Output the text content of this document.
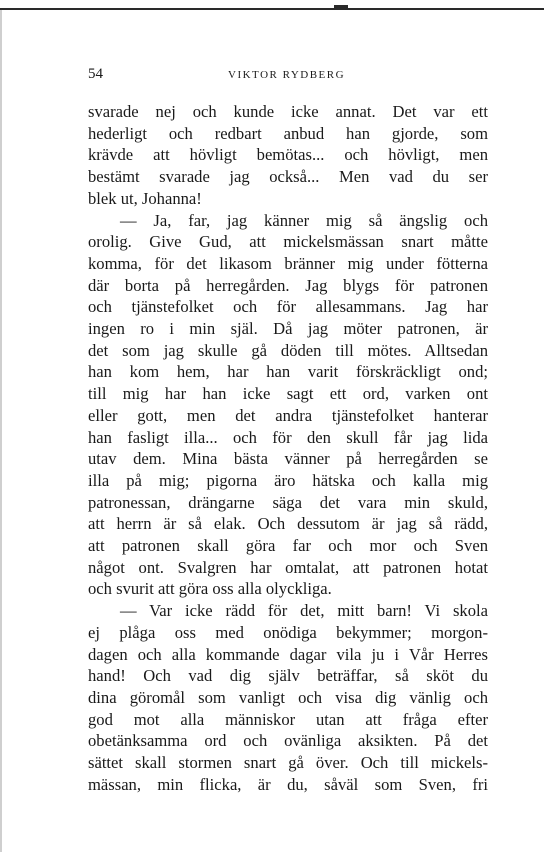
54	VIKTOR RYDBERG
svarade nej och kunde icke annat. Det var ett
hederligt och redbart anbud han gjorde, som
krävde att hövligt bemötas... och hövligt, men
bestämt svarade jag också... Men vad du ser
blek ut, Johanna!
— Ja, far, jag känner mig så ängslig och
orolig. Give Gud, att mickelsmässan snart måtte
komma, för det likasom bränner mig under fötterna
där borta på herregården. Jag blygs för patronen
och tjänstefolket och för allesammans. Jag har
ingen ro i min själ. Då jag möter patronen, är
det som jag skulle gå döden till mötes. Alltsedan
han kom hem, har han varit förskräckligt ond;
till mig har han icke sagt ett ord, varken ont
eller gott, men det andra tjänstefolket hanterar
han fasligt illa... och för den skull får jag lida
utav dem. Mina bästa vänner på herregården se
illa på mig; pigorna äro hätska och kalla mig
patronessan, drängarne säga det vara min skuld,
att herrn är så elak. Och dessutom är jag så rädd,
att patronen skall göra far och mor och Sven
något ont. Svalgren har omtalat, att patronen hotat
och svurit att göra oss alla olyckliga.
— Var icke rädd för det, mitt barn! Vi skola
ej plåga oss med onödiga bekymmer; morgon-
dagen och alla kommande dagar vila ju i Vår Herres
hand! Och vad dig själv beträffar, så sköt du
dina göromål som vanligt och visa dig vänlig och
god mot alla människor utan att fråga efter
obetänksamma ord och ovänliga aksikten. På det
sättet skall stormen snart gå över. Och till mickels-
mässan, min flicka, är du, såväl som Sven, fri
